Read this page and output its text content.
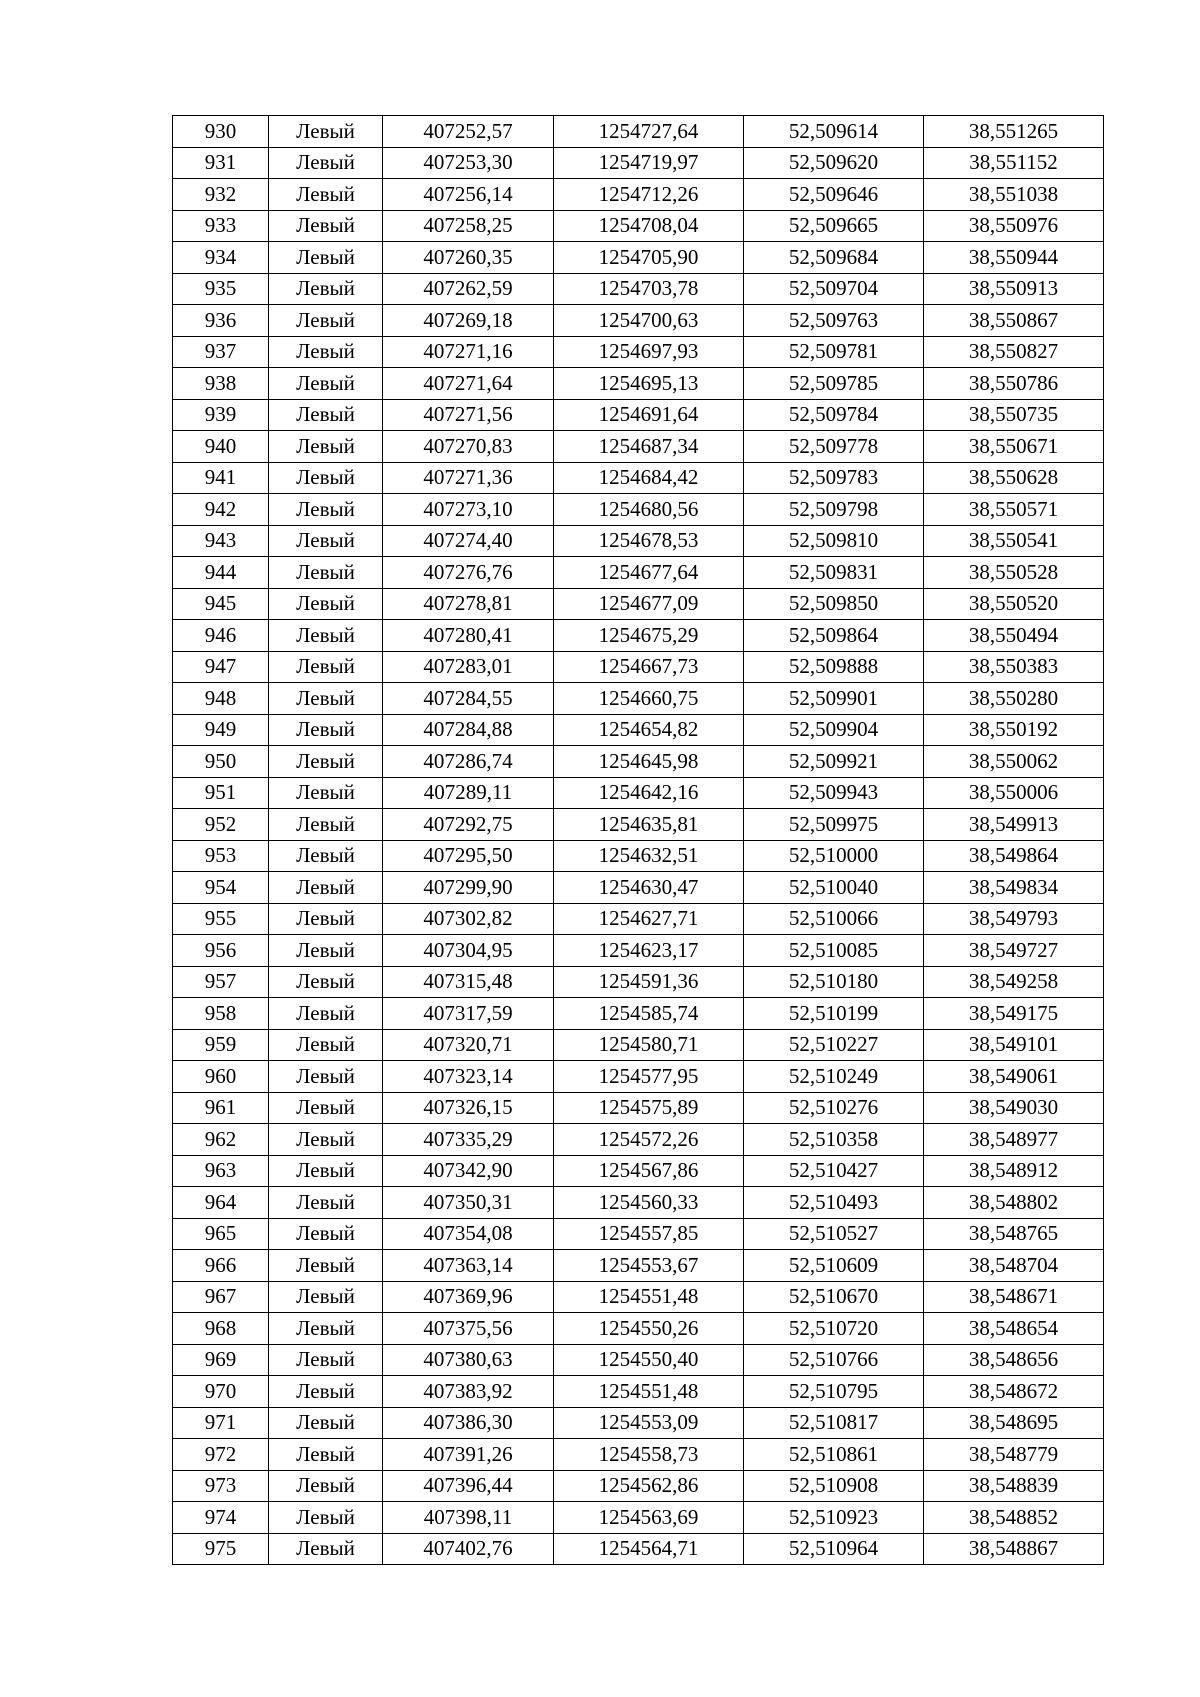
930	Левый	407252,57	1254727,64	52,509614	38,551265
931	Левый	407253,30	1254719,97	52,509620	38,551152
932	Левый	407256,14	1254712,26	52,509646	38,551038
933	Левый	407258,25	1254708,04	52,509665	38,550976
934	Левый	407260,35	1254705,90	52,509684	38,550944
935	Левый	407262,59	1254703,78	52,509704	38,550913
936	Левый	407269,18	1254700,63	52,509763	38,550867
937	Левый	407271,16	1254697,93	52,509781	38,550827
938	Левый	407271,64	1254695,13	52,509785	38,550786
939	Левый	407271,56	1254691,64	52,509784	38,550735
940	Левый	407270,83	1254687,34	52,509778	38,550671
941	Левый	407271,36	1254684,42	52,509783	38,550628
942	Левый	407273,10	1254680,56	52,509798	38,550571
943	Левый	407274,40	1254678,53	52,509810	38,550541
944	Левый	407276,76	1254677,64	52,509831	38,550528
945	Левый	407278,81	1254677,09	52,509850	38,550520
946	Левый	407280,41	1254675,29	52,509864	38,550494
947	Левый	407283,01	1254667,73	52,509888	38,550383
948	Левый	407284,55	1254660,75	52,509901	38,550280
949	Левый	407284,88	1254654,82	52,509904	38,550192
950	Левый	407286,74	1254645,98	52,509921	38,550062
951	Левый	407289,11	1254642,16	52,509943	38,550006
952	Левый	407292,75	1254635,81	52,509975	38,549913
953	Левый	407295,50	1254632,51	52,510000	38,549864
954	Левый	407299,90	1254630,47	52,510040	38,549834
955	Левый	407302,82	1254627,71	52,510066	38,549793
956	Левый	407304,95	1254623,17	52,510085	38,549727
957	Левый	407315,48	1254591,36	52,510180	38,549258
958	Левый	407317,59	1254585,74	52,510199	38,549175
959	Левый	407320,71	1254580,71	52,510227	38,549101
960	Левый	407323,14	1254577,95	52,510249	38,549061
961	Левый	407326,15	1254575,89	52,510276	38,549030
962	Левый	407335,29	1254572,26	52,510358	38,548977
963	Левый	407342,90	1254567,86	52,510427	38,548912
964	Левый	407350,31	1254560,33	52,510493	38,548802
965	Левый	407354,08	1254557,85	52,510527	38,548765
966	Левый	407363,14	1254553,67	52,510609	38,548704
967	Левый	407369,96	1254551,48	52,510670	38,548671
968	Левый	407375,56	1254550,26	52,510720	38,548654
969	Левый	407380,63	1254550,40	52,510766	38,548656
970	Левый	407383,92	1254551,48	52,510795	38,548672
971	Левый	407386,30	1254553,09	52,510817	38,548695
972	Левый	407391,26	1254558,73	52,510861	38,548779
973	Левый	407396,44	1254562,86	52,510908	38,548839
974	Левый	407398,11	1254563,69	52,510923	38,548852
975	Левый	407402,76	1254564,71	52,510964	38,548867
